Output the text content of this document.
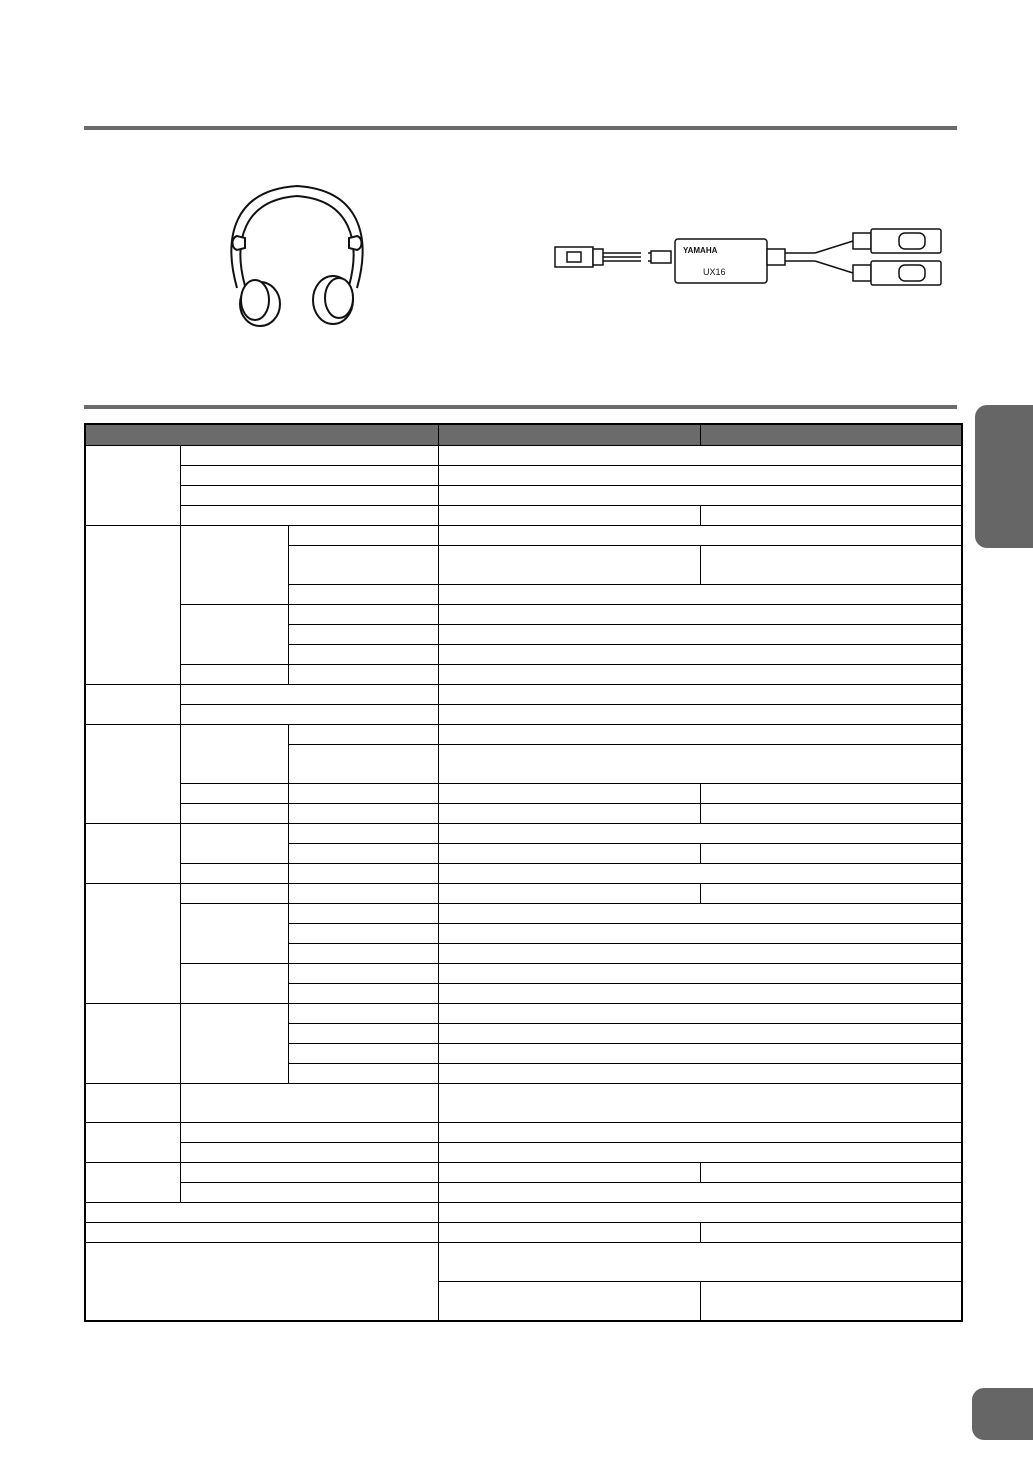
YAMAHA
UX16
